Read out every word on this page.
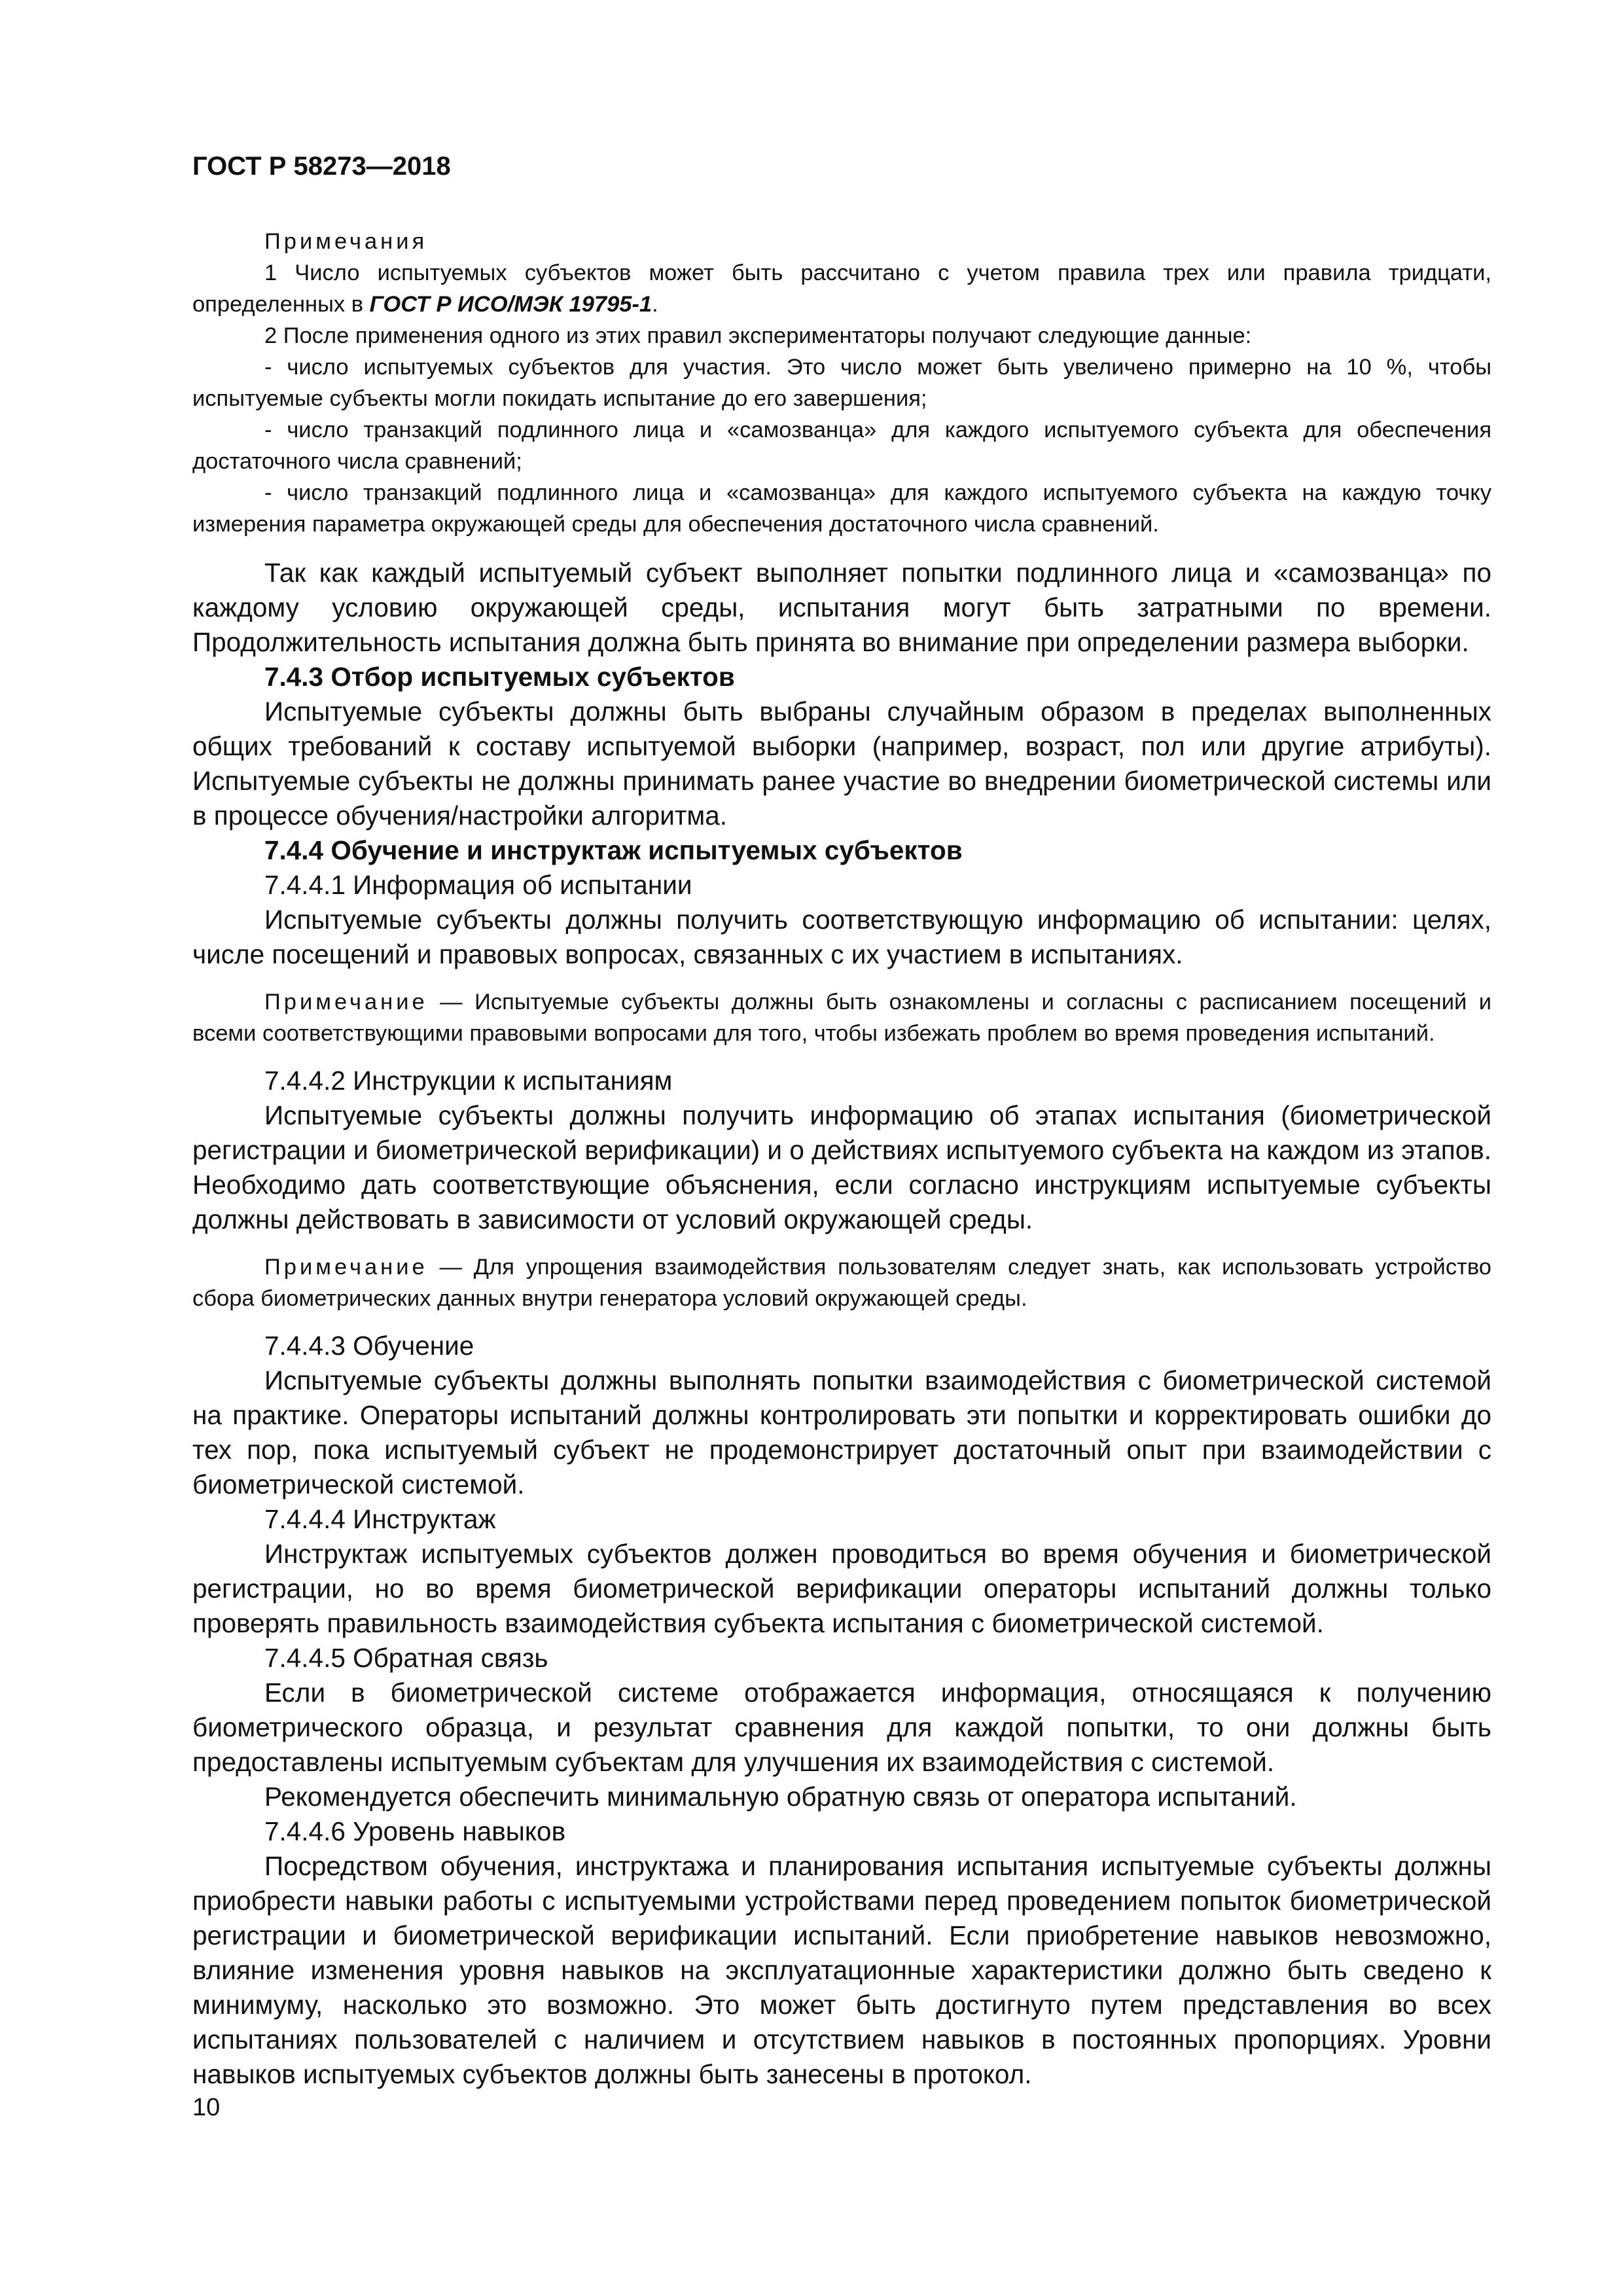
ГОСТ Р 58273—2018

Примечания

1 Число испытуемых субъектов может быть рассчитано с учетом правила трех или правила тридцати, определенных в ГОСТ Р ИСО/МЭК 19795-1.

2 После применения одного из этих правил экспериментаторы получают следующие данные:

- число испытуемых субъектов для участия. Это число может быть увеличено примерно на 10 %, чтобы испытуемые субъекты могли покидать испытание до его завершения;

- число транзакций подлинного лица и «самозванца» для каждого испытуемого субъекта для обеспечения достаточного числа сравнений;

- число транзакций подлинного лица и «самозванца» для каждого испытуемого субъекта на каждую точку измерения параметра окружающей среды для обеспечения достаточного числа сравнений.

Так как каждый испытуемый субъект выполняет попытки подлинного лица и «самозванца» по каждому условию окружающей среды, испытания могут быть затратными по времени. Продолжительность испытания должна быть принята во внимание при определении размера выборки.

7.4.3 Отбор испытуемых субъектов

Испытуемые субъекты должны быть выбраны случайным образом в пределах выполненных общих требований к составу испытуемой выборки (например, возраст, пол или другие атрибуты). Испытуемые субъекты не должны принимать ранее участие во внедрении биометрической системы или в процессе обучения/настройки алгоритма.

7.4.4 Обучение и инструктаж испытуемых субъектов

7.4.4.1 Информация об испытании

Испытуемые субъекты должны получить соответствующую информацию об испытании: целях, числе посещений и правовых вопросах, связанных с их участием в испытаниях.

Примечание — Испытуемые субъекты должны быть ознакомлены и согласны с расписанием посещений и всеми соответствующими правовыми вопросами для того, чтобы избежать проблем во время проведения испытаний.

7.4.4.2 Инструкции к испытаниям

Испытуемые субъекты должны получить информацию об этапах испытания (биометрической регистрации и биометрической верификации) и о действиях испытуемого субъекта на каждом из этапов. Необходимо дать соответствующие объяснения, если согласно инструкциям испытуемые субъекты должны действовать в зависимости от условий окружающей среды.

Примечание — Для упрощения взаимодействия пользователям следует знать, как использовать устройство сбора биометрических данных внутри генератора условий окружающей среды.

7.4.4.3 Обучение

Испытуемые субъекты должны выполнять попытки взаимодействия с биометрической системой на практике. Операторы испытаний должны контролировать эти попытки и корректировать ошибки до тех пор, пока испытуемый субъект не продемонстрирует достаточный опыт при взаимодействии с биометрической системой.

7.4.4.4 Инструктаж

Инструктаж испытуемых субъектов должен проводиться во время обучения и биометрической регистрации, но во время биометрической верификации операторы испытаний должны только проверять правильность взаимодействия субъекта испытания с биометрической системой.

7.4.4.5 Обратная связь

Если в биометрической системе отображается информация, относящаяся к получению биометрического образца, и результат сравнения для каждой попытки, то они должны быть предоставлены испытуемым субъектам для улучшения их взаимодействия с системой.

Рекомендуется обеспечить минимальную обратную связь от оператора испытаний.

7.4.4.6 Уровень навыков

Посредством обучения, инструктажа и планирования испытания испытуемые субъекты должны приобрести навыки работы с испытуемыми устройствами перед проведением попыток биометрической регистрации и биометрической верификации испытаний. Если приобретение навыков невозможно, влияние изменения уровня навыков на эксплуатационные характеристики должно быть сведено к минимуму, насколько это возможно. Это может быть достигнуто путем представления во всех испытаниях пользователей с наличием и отсутствием навыков в постоянных пропорциях. Уровни навыков испытуемых субъектов должны быть занесены в протокол.

10
